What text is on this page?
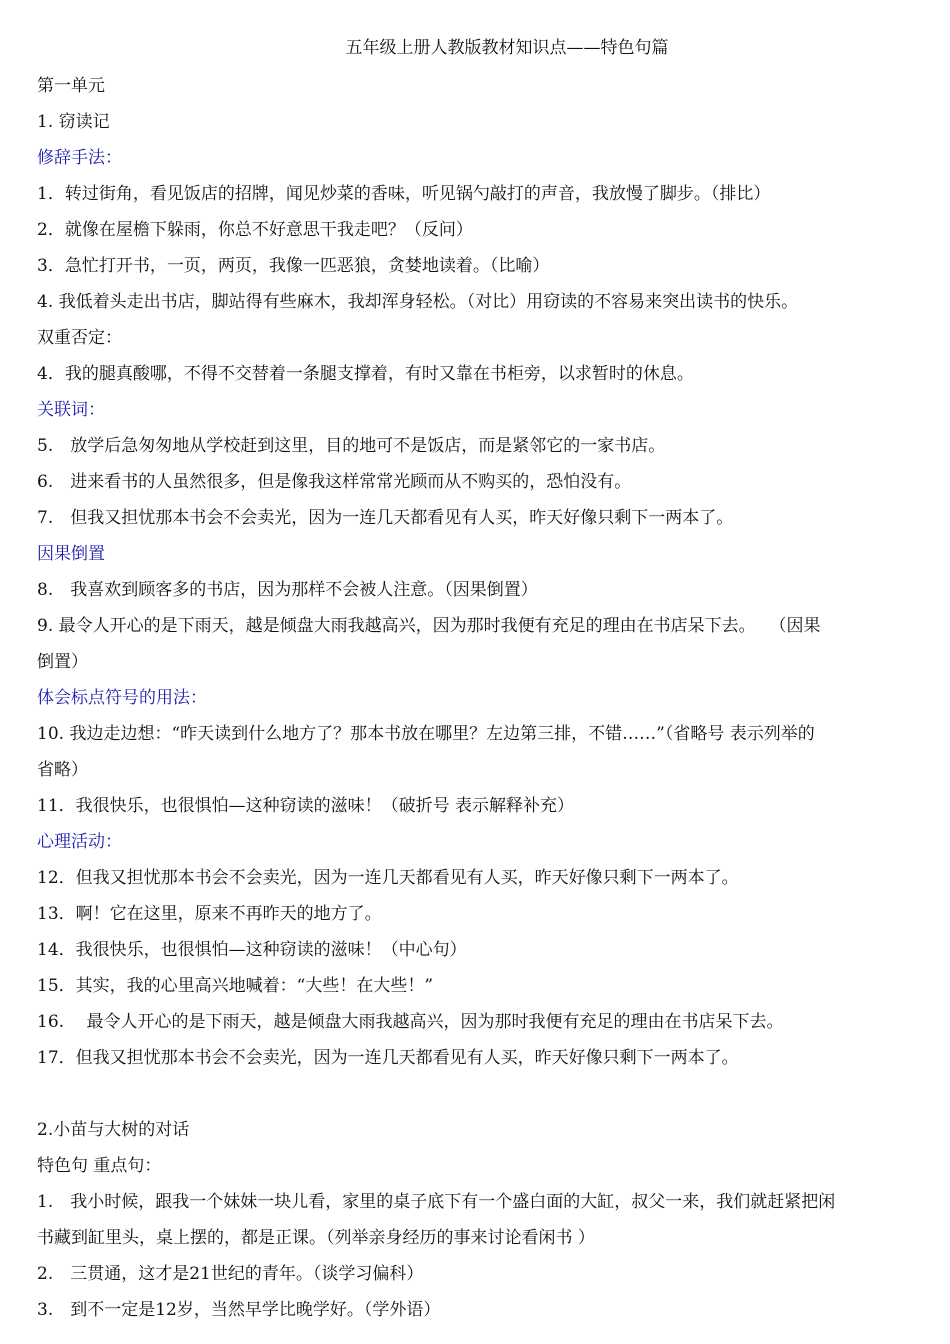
五年级上册人教版教材知识点——特色句篇
第一单元
1. 窃读记
修辞手法：
1．转过街角，看见饭店的招牌，闻见炒菜的香味，听见锅勺敲打的声音，我放慢了脚步。（排比）
2．就像在屋檐下躲雨，你总不好意思干我走吧？（反问）
3．急忙打开书，一页，两页，我像一匹恶狼，贪婪地读着。（比喻）
4. 我低着头走出书店，脚站得有些麻木，我却浑身轻松。（对比）用窃读的不容易来突出读书的快乐。
双重否定：
4．我的腿真酸哪，不得不交替着一条腿支撑着，有时又靠在书柜旁，以求暂时的休息。
关联词：
5.　放学后急匆匆地从学校赶到这里，目的地可不是饭店，而是紧邻它的一家书店。
6.　进来看书的人虽然很多，但是像我这样常常光顾而从不购买的，恐怕没有。
7.　但我又担忧那本书会不会卖光，因为一连几天都看见有人买，昨天好像只剩下一两本了。
因果倒置
8.　我喜欢到顾客多的书店，因为那样不会被人注意。（因果倒置）
9. 最令人开心的是下雨天，越是倾盘大雨我越高兴，因为那时我便有充足的理由在书店呆下去。　 （因果
倒置）
体会标点符号的用法：
10. 我边走边想：“昨天读到什么地方了？那本书放在哪里？左边第三排，不错……”（省略号 表示列举的
省略）
11．我很快乐，也很惧怕—这种窃读的滋味！（破折号 表示解释补充）
心理活动：
12．但我又担忧那本书会不会卖光，因为一连几天都看见有人买，昨天好像只剩下一两本了。
13．啊！它在这里，原来不再昨天的地方了。
14．我很快乐，也很惧怕—这种窃读的滋味！（中心句）
15．其实，我的心里高兴地喊着：“大些！在大些！”
16.　 最令人开心的是下雨天，越是倾盘大雨我越高兴，因为那时我便有充足的理由在书店呆下去。
17．但我又担忧那本书会不会卖光，因为一连几天都看见有人买，昨天好像只剩下一两本了。
2.小苗与大树的对话
特色句 重点句：
1.　我小时候，跟我一个妹妹一块儿看，家里的桌子底下有一个盛白面的大缸，叔父一来，我们就赶紧把闲
书藏到缸里头，桌上摆的，都是正课。（列举亲身经历的事来讨论看闲书 ）
2.　三贯通，这才是21世纪的青年。（谈学习偏科）
3.　到不一定是12岁，当然早学比晚学好。（学外语）
